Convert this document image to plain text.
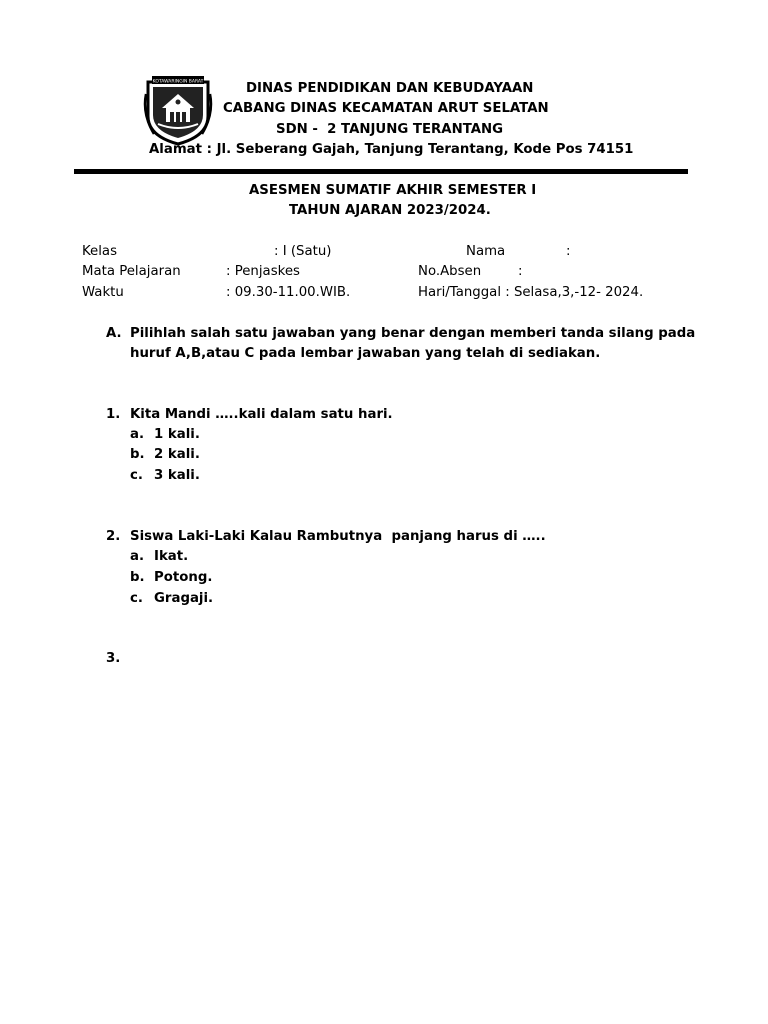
KOTAWARINGIN BARAT	DINAS PENDIDIKAN DAN KEBUDAYAAN
CABANG DINAS KECAMATAN ARUT SELATAN
SDN -  2 TANJUNG TERANTANG
Alamat : Jl. Seberang Gajah, Tanjung Terantang, Kode Pos 74151
ASESMEN SUMATIF AKHIR SEMESTER I
TAHUN AJARAN 2023/2024.
Kelas	: I (Satu)	Nama	:
Mata Pelajaran	: Penjaskes	No.Absen	:
Waktu	: 09.30-11.00.WIB.	Hari/Tanggal : Selasa,3,-12- 2024.
A. Pilihlah salah satu jawaban yang benar dengan memberi tanda silang pada
huruf A,B,atau C pada lembar jawaban yang telah di sediakan.
1. Kita Mandi …..kali dalam satu hari.
a. 1 kali.
b. 2 kali.
c. 3 kali.
2. Siswa Laki-Laki Kalau Rambutnya  panjang harus di …..
a. Ikat.
b. Potong.
c. Gragaji.
3.
